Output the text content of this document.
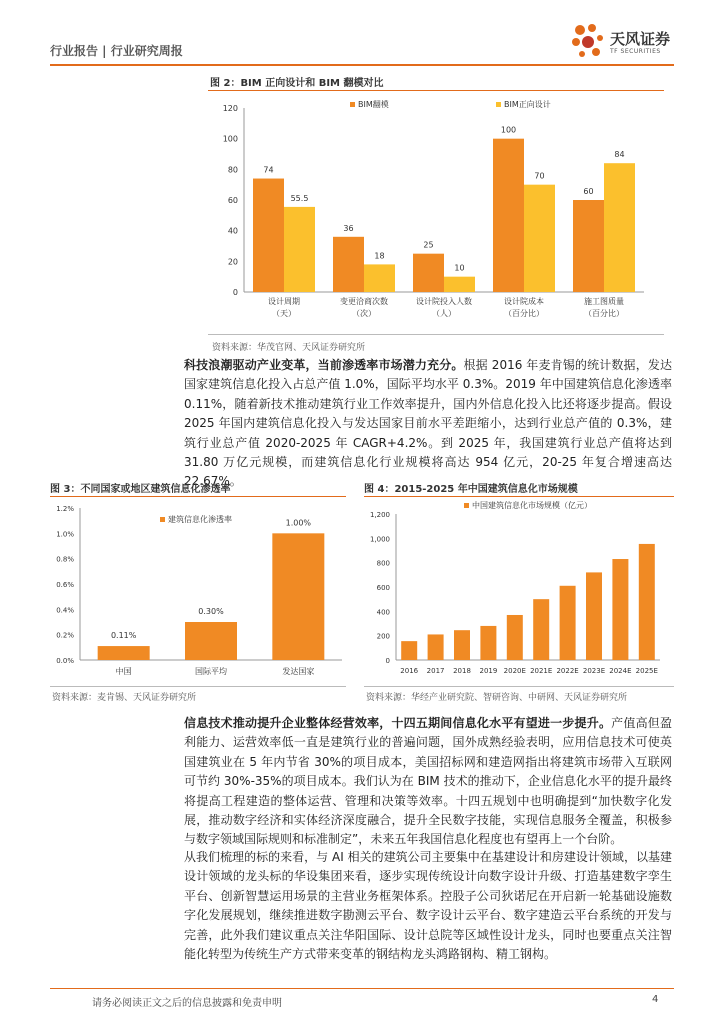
行业报告 | 行业研究周报
天风证券
TF SECURITIES
图 2：BIM 正向设计和 BIM 翻模对比
0
20
40
60
80
100
120
74
36
25
100
60
55.5
18
10
70
84
设计周期
（天）
变更洽商次数
（次）
设计院投入人数
（人）
设计院成本
（百分比）
施工图质量
（百分比）
BIM翻模	BIM正向设计
资料来源：华茂官网、天风证券研究所
科技浪潮驱动产业变革，当前渗透率市场潜力充分。根据 2016 年麦肯锡的统计数据，发达国家建筑信息化投入占总产值 1.0%，国际平均水平 0.3%。2019 年中国建筑信息化渗透率 0.11%，随着新技术推动建筑行业工作效率提升，国内外信息化投入比还将逐步提高。假设 2025 年国内建筑信息化投入与发达国家目前水平差距缩小，达到行业总产值的 0.3%，建筑行业总产值 2020-2025 年 CAGR+4.2%。到 2025 年，我国建筑行业总产值将达到 31.80 万亿元规模，而建筑信息化行业规模将高达 954 亿元，20-25 年复合增速高达 22.67%。
图 3：不同国家或地区建筑信息化渗透率
0.0%
0.2%
0.4%
0.6%
0.8%
1.0%
1.2%
0.11%
中国
0.30%
国际平均
1.00%
发达国家
建筑信息化渗透率
资料来源：麦肯锡、天风证券研究所
图 4：2015-2025 年中国建筑信息化市场规模
0
200
400
600
800
1,000
1,200
2016 2017 2018 2019 2020E 2021E 2022E 2023E 2024E 2025E
中国建筑信息化市场规模（亿元）
资料来源：华经产业研究院、智研咨询、中研网、天风证券研究所
信息技术推动提升企业整体经营效率，十四五期间信息化水平有望进一步提升。产值高但盈利能力、运营效率低一直是建筑行业的普遍问题，国外成熟经验表明，应用信息技术可使英国建筑业在 5 年内节省 30%的项目成本，美国招标网和建造网指出将建筑市场带入互联网可节约 30%-35%的项目成本。我们认为在 BIM 技术的推动下，企业信息化水平的提升最终将提高工程建造的整体运营、管理和决策等效率。十四五规划中也明确提到“加快数字化发展，推动数字经济和实体经济深度融合，提升全民数字技能，实现信息服务全覆盖，积极参与数字领域国际规则和标准制定”，未来五年我国信息化程度也有望再上一个台阶。
从我们梳理的标的来看，与 AI 相关的建筑公司主要集中在基建设计和房建设计领域，以基建设计领域的龙头标的华设集团来看，逐步实现传统设计向数字设计升级、打造基建数字孪生平台、创新智慧运用场景的主营业务框架体系。控股子公司狄诺尼在开启新一轮基础设施数字化发展规划，继续推进数字勘测云平台、数字设计云平台、数字建造云平台系统的开发与完善，此外我们建议重点关注华阳国际、设计总院等区域性设计龙头，同时也要重点关注智能化转型为传统生产方式带来变革的钢结构龙头鸿路钢构、精工钢构。
请务必阅读正文之后的信息披露和免责申明	4
